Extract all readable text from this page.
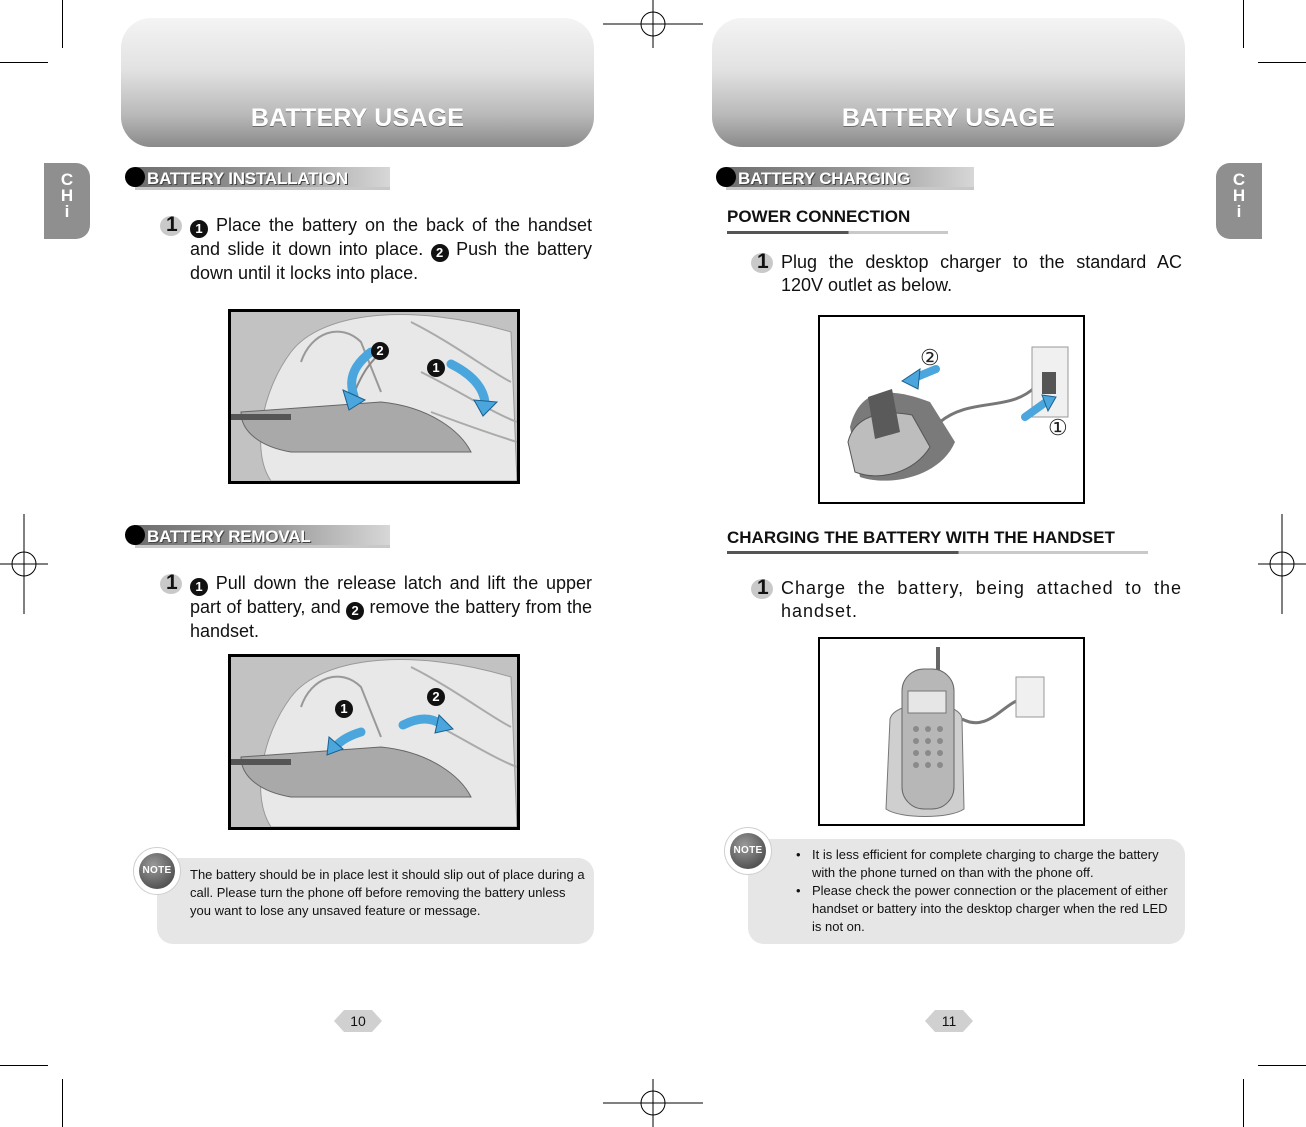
BATTERY USAGE
C
H
i
BATTERY INSTALLATION
1	1 Place the battery on the back of the handset and slide it down into place. 2 Push the battery down until it locks into place.
2
1
BATTERY REMOVAL
1	1 Pull down the release latch and lift the upper part of battery, and 2 remove the battery from the handset.
1
2
NOTE The battery should be in place lest it should slip out of place during a call. Please turn the phone off before removing the battery unless you want to lose any unsaved feature or message.
10
BATTERY USAGE
C
H
i
BATTERY CHARGING
POWER CONNECTION
1 Plug the desktop charger to the standard AC 120V outlet as below.
②
①
CHARGING THE BATTERY WITH THE HANDSET
1 Charge the battery, being attached to the handset.
NOTE	• It is less efficient for complete charging to charge the battery with the phone turned on than with the phone off.
• Please check the power connection or the placement of either handset or battery into the desktop charger when the red LED is not on.
11
